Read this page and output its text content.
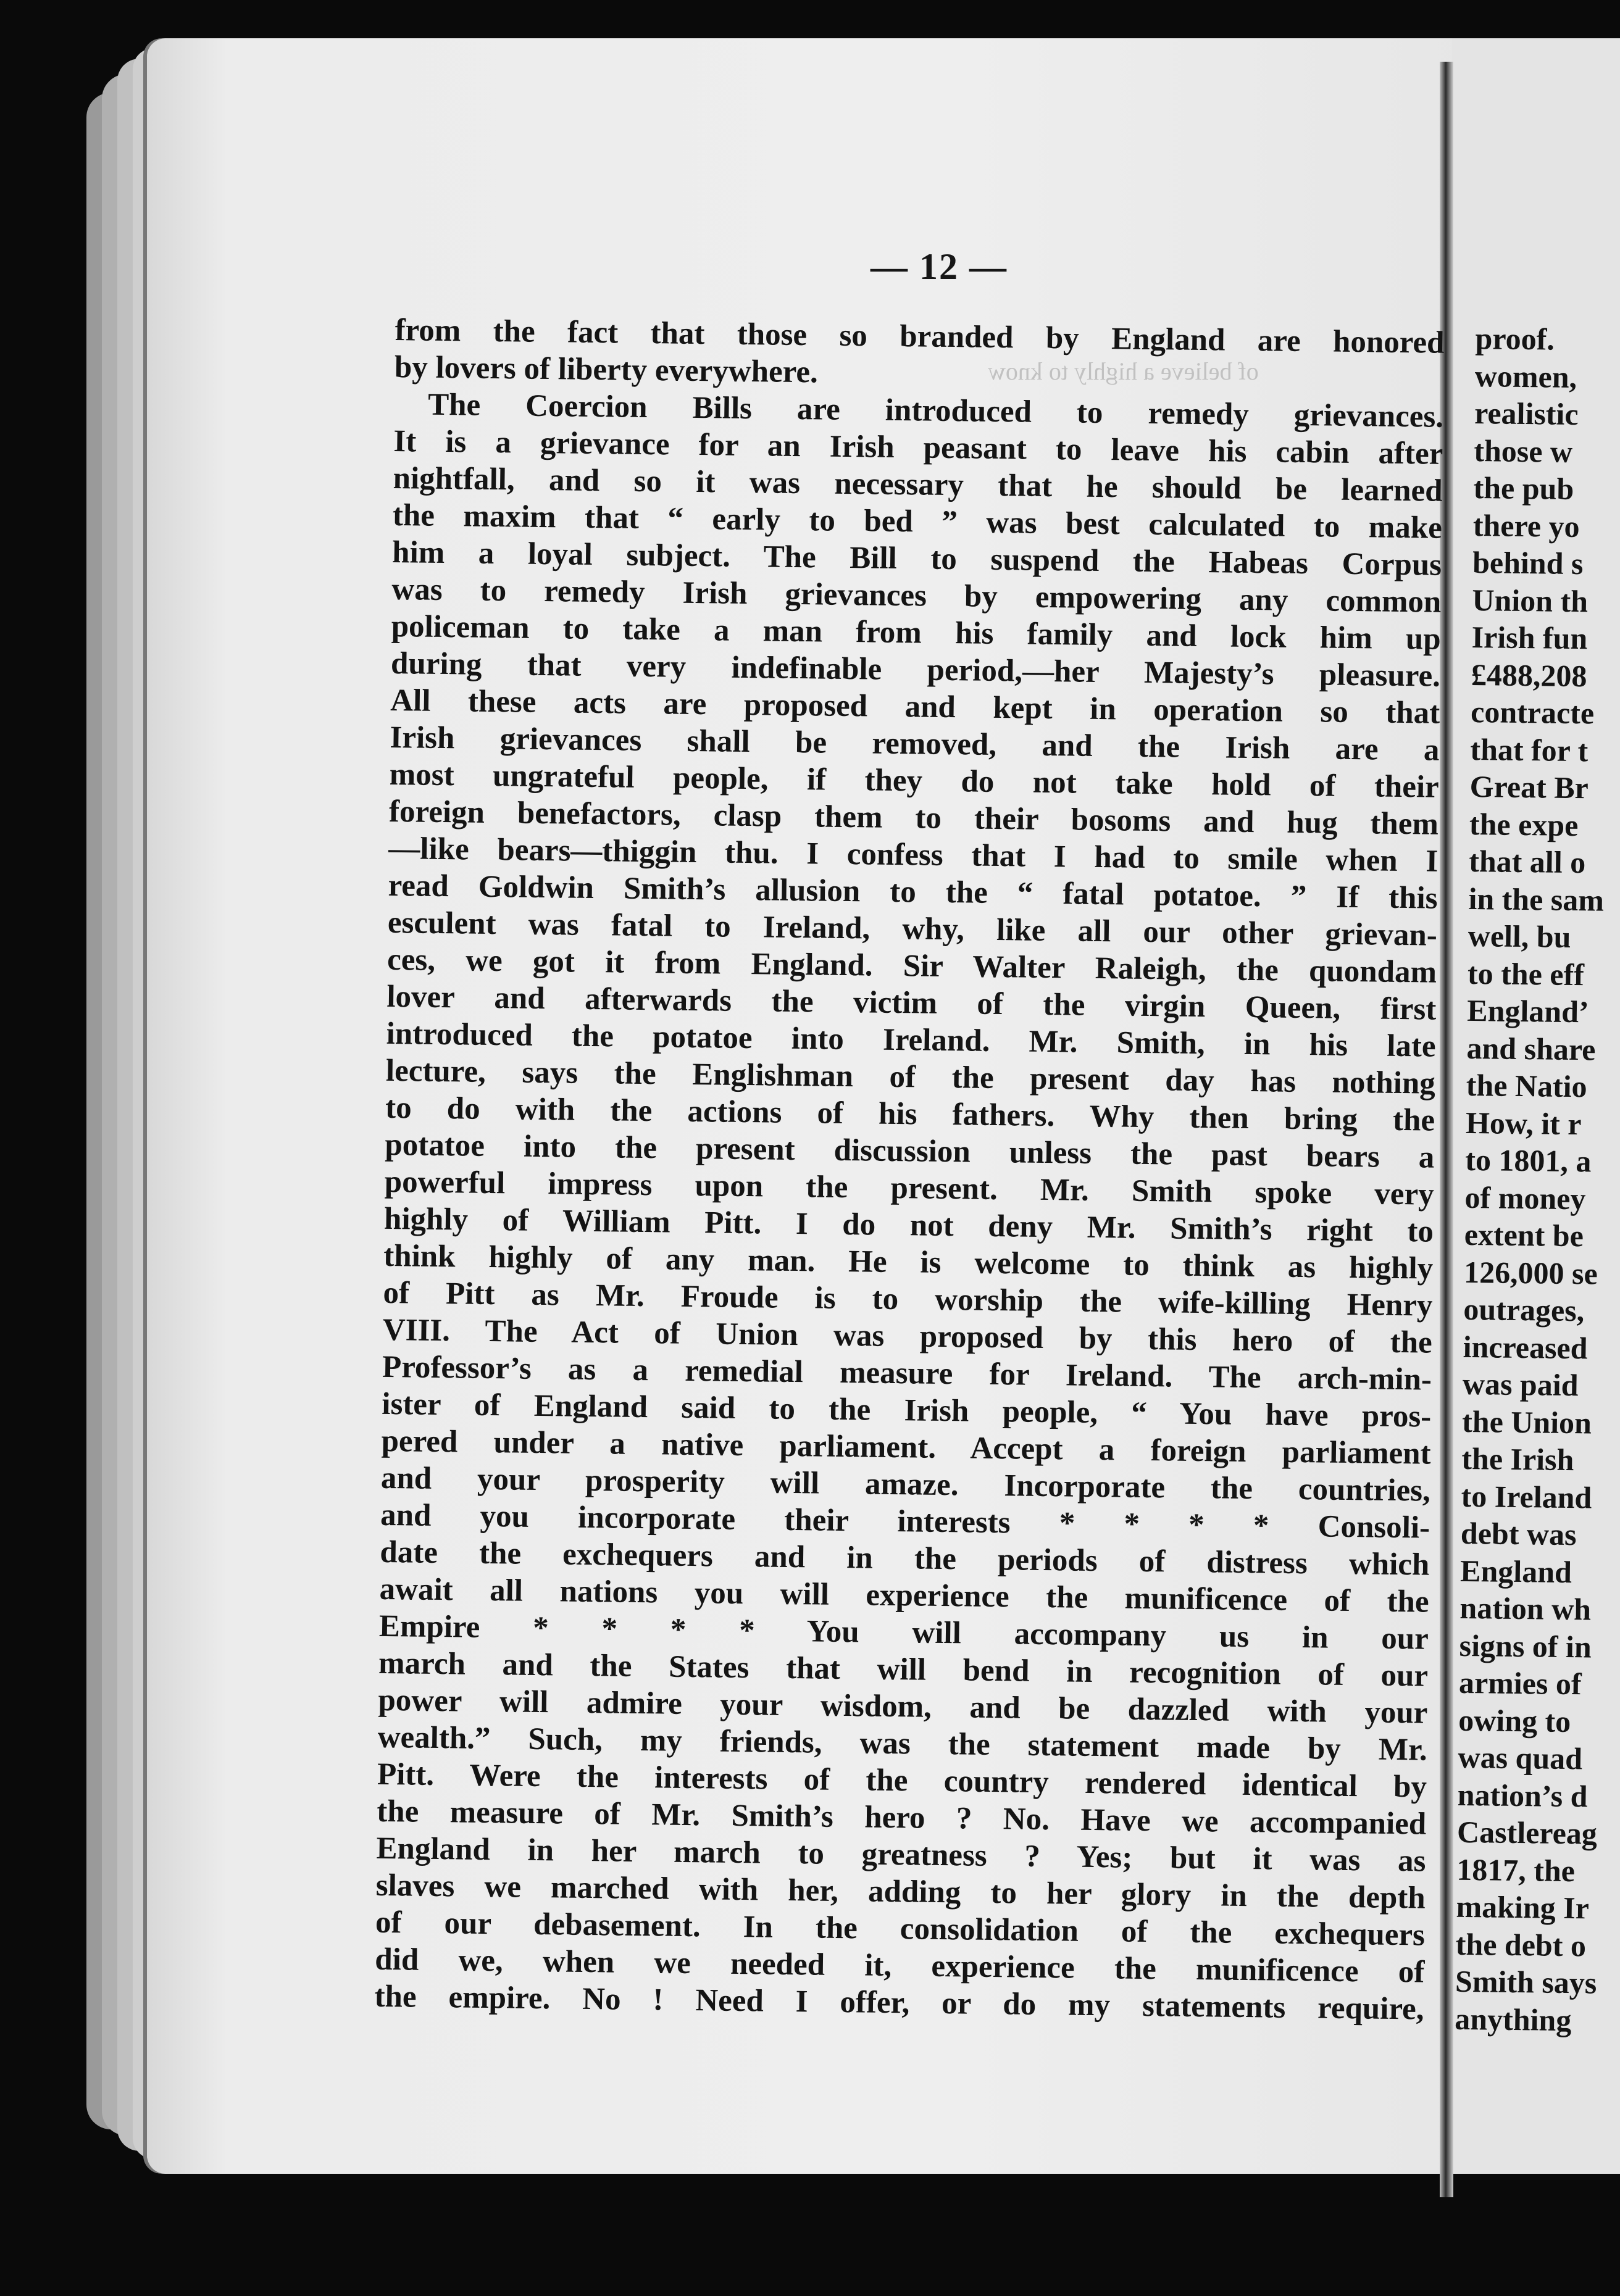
of believe a highly to know
— 12 —
from the fact that those so branded by England are honored
by lovers of liberty everywhere.
The Coercion Bills are introduced to remedy grievances.
It is a grievance for an Irish peasant to leave his cabin after
nightfall, and so it was necessary that he should be learned
the maxim that “ early to bed ” was best calculated to make
him a loyal subject. The Bill to suspend the Habeas Corpus
was to remedy Irish grievances by empowering any common
policeman to take a man from his family and lock him up
during that very indefinable period,—her Majesty’s pleasure.
All these acts are proposed and kept in operation so that
Irish grievances shall be removed, and the Irish are a
most ungrateful people, if they do not take hold of their
foreign benefactors, clasp them to their bosoms and hug them
—like bears—thiggin thu. I confess that I had to smile when I
read Goldwin Smith’s allusion to the “ fatal potatoe. ” If this
esculent was fatal to Ireland, why, like all our other grievan-
ces, we got it from England. Sir Walter Raleigh, the quondam
lover and afterwards the victim of the virgin Queen, first
introduced the potatoe into Ireland. Mr. Smith, in his late
lecture, says the Englishman of the present day has nothing
to do with the actions of his fathers. Why then bring the
potatoe into the present discussion unless the past bears a
powerful impress upon the present. Mr. Smith spoke very
highly of William Pitt. I do not deny Mr. Smith’s right to
think highly of any man. He is welcome to think as highly
of Pitt as Mr. Froude is to worship the wife-killing Henry
VIII. The Act of Union was proposed by this hero of the
Professor’s as a remedial measure for Ireland. The arch-min-
ister of England said to the Irish people, “ You have pros-
pered under a native parliament. Accept a foreign parliament
and your prosperity will amaze. Incorporate the countries,
and you incorporate their interests * * * * Consoli-
date the exchequers and in the periods of distress which
await all nations you will experience the munificence of the
Empire * * * * You will accompany us in our
march and the States that will bend in recognition of our
power will admire your wisdom, and be dazzled with your
wealth.” Such, my friends, was the statement made by Mr.
Pitt. Were the interests of the country rendered identical by
the measure of Mr. Smith’s hero ? No. Have we accompanied
England in her march to greatness ? Yes; but it was as
slaves we marched with her, adding to her glory in the depth
of our debasement. In the consolidation of the exchequers
did we, when we needed it, experience the munificence of
the empire. No ! Need I offer, or do my statements require,
proof.
women,
realistic
those w
the pub
there yo
behind s
Union th
Irish fun
£488,208
contracte
that for t
Great Br
the expe
that all o
in the sam
well, bu
to the eff
England’
and share
the Natio
How, it r
to 1801, a
of money
extent be
126,000 se
outrages,
increased
was paid
the Union
the Irish
to Ireland
debt was
England
nation wh
signs of in
armies of
owing to
was quad
nation’s d
Castlereag
1817, the
making Ir
the debt o
Smith says
anything
